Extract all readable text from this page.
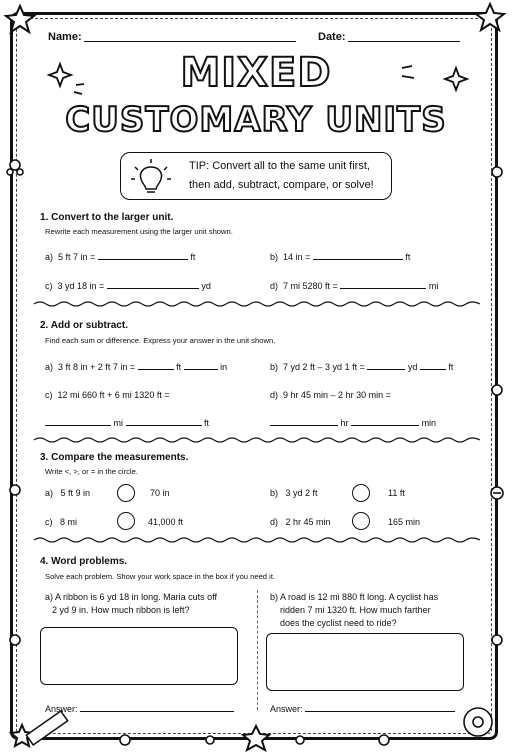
Name:	Date:
MIXED
CUSTOMARY UNITS
TIP: Convert all to the same unit first,
then add, subtract, compare, or solve!
1. Convert to the larger unit.
Rewrite each measurement using the larger unit shown.
a) 5 ft 7 in =	ft	b) 14 in =	ft
c) 3 yd 18 in =	yd	d) 7 mi 5280 ft =	mi
2. Add or subtract.
Find each sum or difference. Express your answer in the unit shown.
a) 3 ft 8 in + 2 ft 7 in =	ft	in	b) 7 yd 2 ft – 3 yd 1 ft =	yd	ft
c) 12 mi 660 ft + 6 mi 1320 ft =
mi	ft
d) 9 hr 45 min – 2 hr 30 min =
hr	min
3. Compare the measurements.
Write <, >, or = in the circle.
a) 5 ft 9 in	70 in	b) 3 yd 2 ft	11 ft
c) 8 mi	41,000 ft	d) 2 hr 45 min	165 min
4. Word problems.
Solve each problem. Show your work space in the box if you need it.
a) A ribbon is 6 yd 18 in long. Maria cuts off
2 yd 9 in. How much ribbon is left?
b) A road is 12 mi 880 ft long. A cyclist has
ridden 7 mi 1320 ft. How much farther
does the cyclist need to ride?
Answer:	Answer:
